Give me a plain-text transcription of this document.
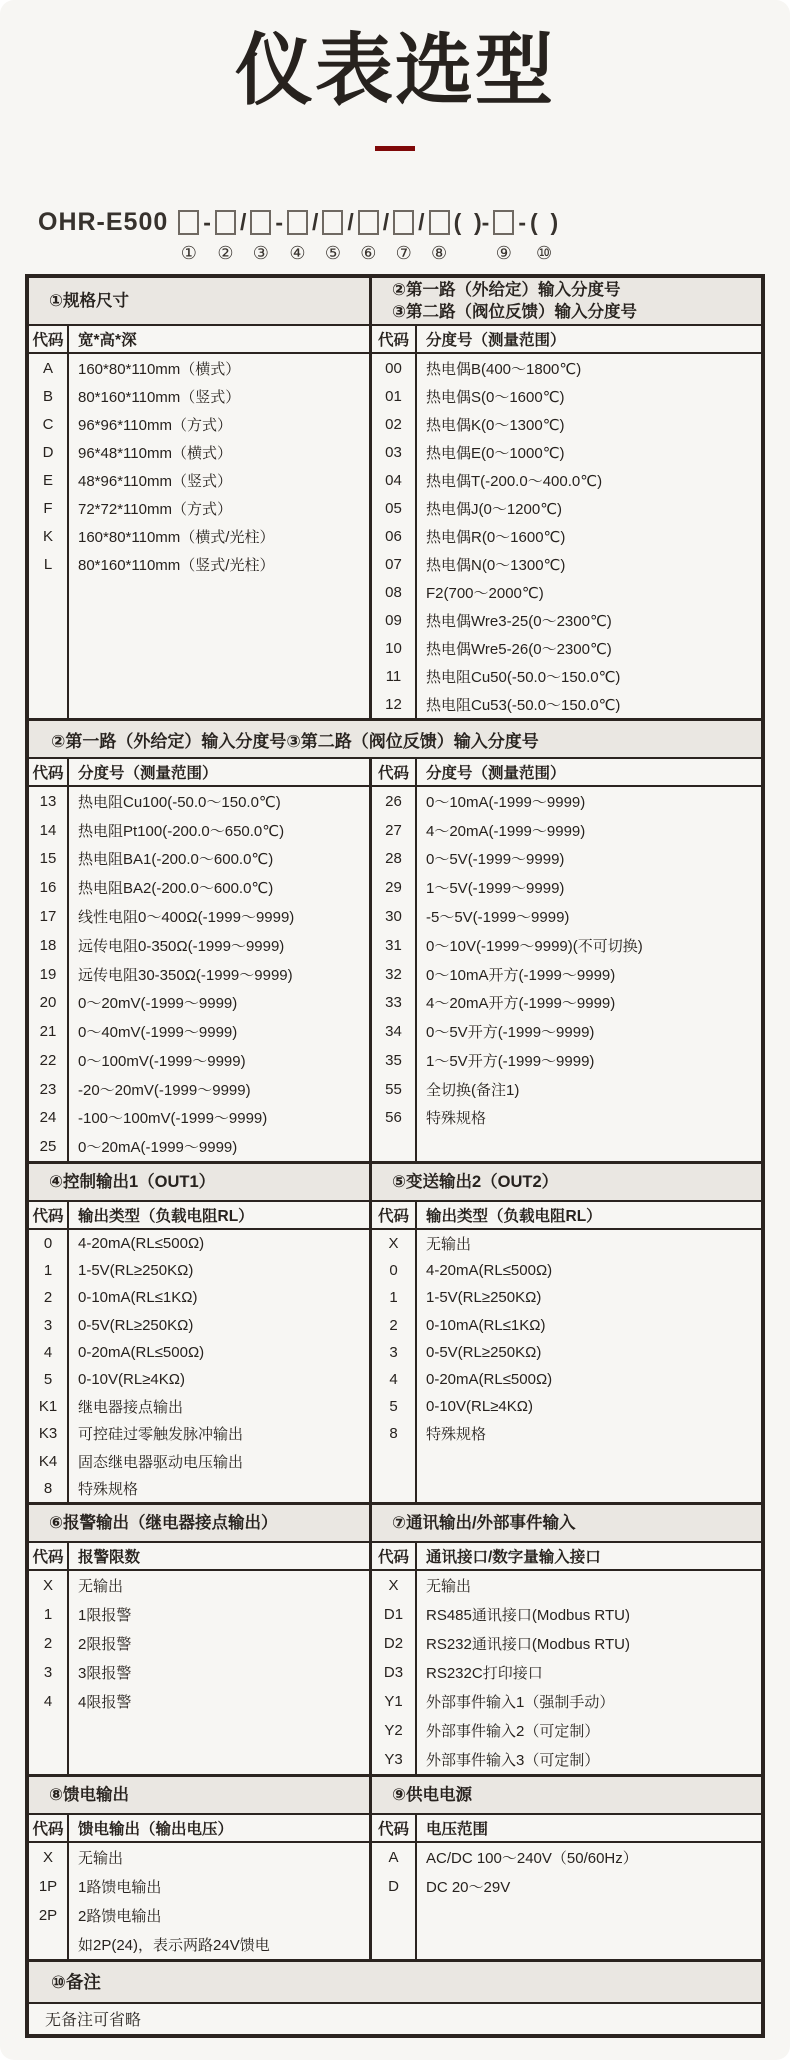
仪表选型
OHR-E500
①
-
②
/
③
-
④
/
⑤
/
⑥
/
⑦
/
⑧
(  )-
⑨
- (  )
⑩
①规格尺寸
代码 宽*高*深
A	160*80*110mm（横式）
B	80*160*110mm（竖式）
C	96*96*110mm（方式）
D	96*48*110mm（横式）
E	48*96*110mm（竖式）
F	72*72*110mm（方式）
K	160*80*110mm（横式/光柱）
L	80*160*110mm（竖式/光柱）
②第一路（外给定）输入分度号
③第二路（阀位反馈）输入分度号
代码	分度号（测量范围）
00	热电偶B(400～1800℃)
01	热电偶S(0～1600℃)
02	热电偶K(0～1300℃)
03	热电偶E(0～1000℃)
04	热电偶T(-200.0～400.0℃)
05	热电偶J(0～1200℃)
06	热电偶R(0～1600℃)
07	热电偶N(0～1300℃)
08	F2(700～2000℃)
09	热电偶Wre3-25(0～2300℃)
10	热电偶Wre5-26(0～2300℃)
11	热电阻Cu50(-50.0～150.0℃)
12	热电阻Cu53(-50.0～150.0℃)
②第一路（外给定）输入分度号③第二路（阀位反馈）输入分度号
代码 分度号（测量范围）
13	热电阻Cu100(-50.0～150.0℃)
14	热电阻Pt100(-200.0～650.0℃)
15	热电阻BA1(-200.0～600.0℃)
16	热电阻BA2(-200.0～600.0℃)
17	线性电阻0～400Ω(-1999～9999)
18	远传电阻0-350Ω(-1999～9999)
19	远传电阻30-350Ω(-1999～9999)
20	0～20mV(-1999～9999)
21	0～40mV(-1999～9999)
22	0～100mV(-1999～9999)
23	-20～20mV(-1999～9999)
24	-100～100mV(-1999～9999)
25	0～20mA(-1999～9999)
代码	分度号（测量范围）
26	0～10mA(-1999～9999)
27	4～20mA(-1999～9999)
28	0～5V(-1999～9999)
29	1～5V(-1999～9999)
30	-5～5V(-1999～9999)
31	0～10V(-1999～9999)(不可切换)
32	0～10mA开方(-1999～9999)
33	4～20mA开方(-1999～9999)
34	0～5V开方(-1999～9999)
35	1～5V开方(-1999～9999)
55	全切换(备注1)
56	特殊规格
④控制输出1（OUT1）
代码 输出类型（负载电阻RL）
0	4-20mA(RL≤500Ω)
1	1-5V(RL≥250KΩ)
2	0-10mA(RL≤1KΩ)
3	0-5V(RL≥250KΩ)
4	0-20mA(RL≤500Ω)
5	0-10V(RL≥4KΩ)
K1	继电器接点输出
K3	可控硅过零触发脉冲输出
K4	固态继电器驱动电压输出
8	特殊规格
⑤变送输出2（OUT2）
代码	输出类型（负载电阻RL）
X	无输出
0	4-20mA(RL≤500Ω)
1	1-5V(RL≥250KΩ)
2	0-10mA(RL≤1KΩ)
3	0-5V(RL≥250KΩ)
4	0-20mA(RL≤500Ω)
5	0-10V(RL≥4KΩ)
8	特殊规格
⑥报警输出（继电器接点输出）
代码 报警限数
X	无输出
1	1限报警
2	2限报警
3	3限报警
4	4限报警
⑦通讯输出/外部事件输入
代码	通讯接口/数字量输入接口
X	无输出
D1	RS485通讯接口(Modbus RTU)
D2	RS232通讯接口(Modbus RTU)
D3	RS232C打印接口
Y1	外部事件输入1（强制手动）
Y2	外部事件输入2（可定制）
Y3	外部事件输入3（可定制）
⑧馈电输出
代码 馈电输出（输出电压）
X	无输出
1P	1路馈电输出
2P	2路馈电输出
如2P(24)，表示两路24V馈电
⑨供电电源
代码	电压范围
A	AC/DC 100～240V（50/60Hz）
D	DC 20～29V
⑩备注
无备注可省略
